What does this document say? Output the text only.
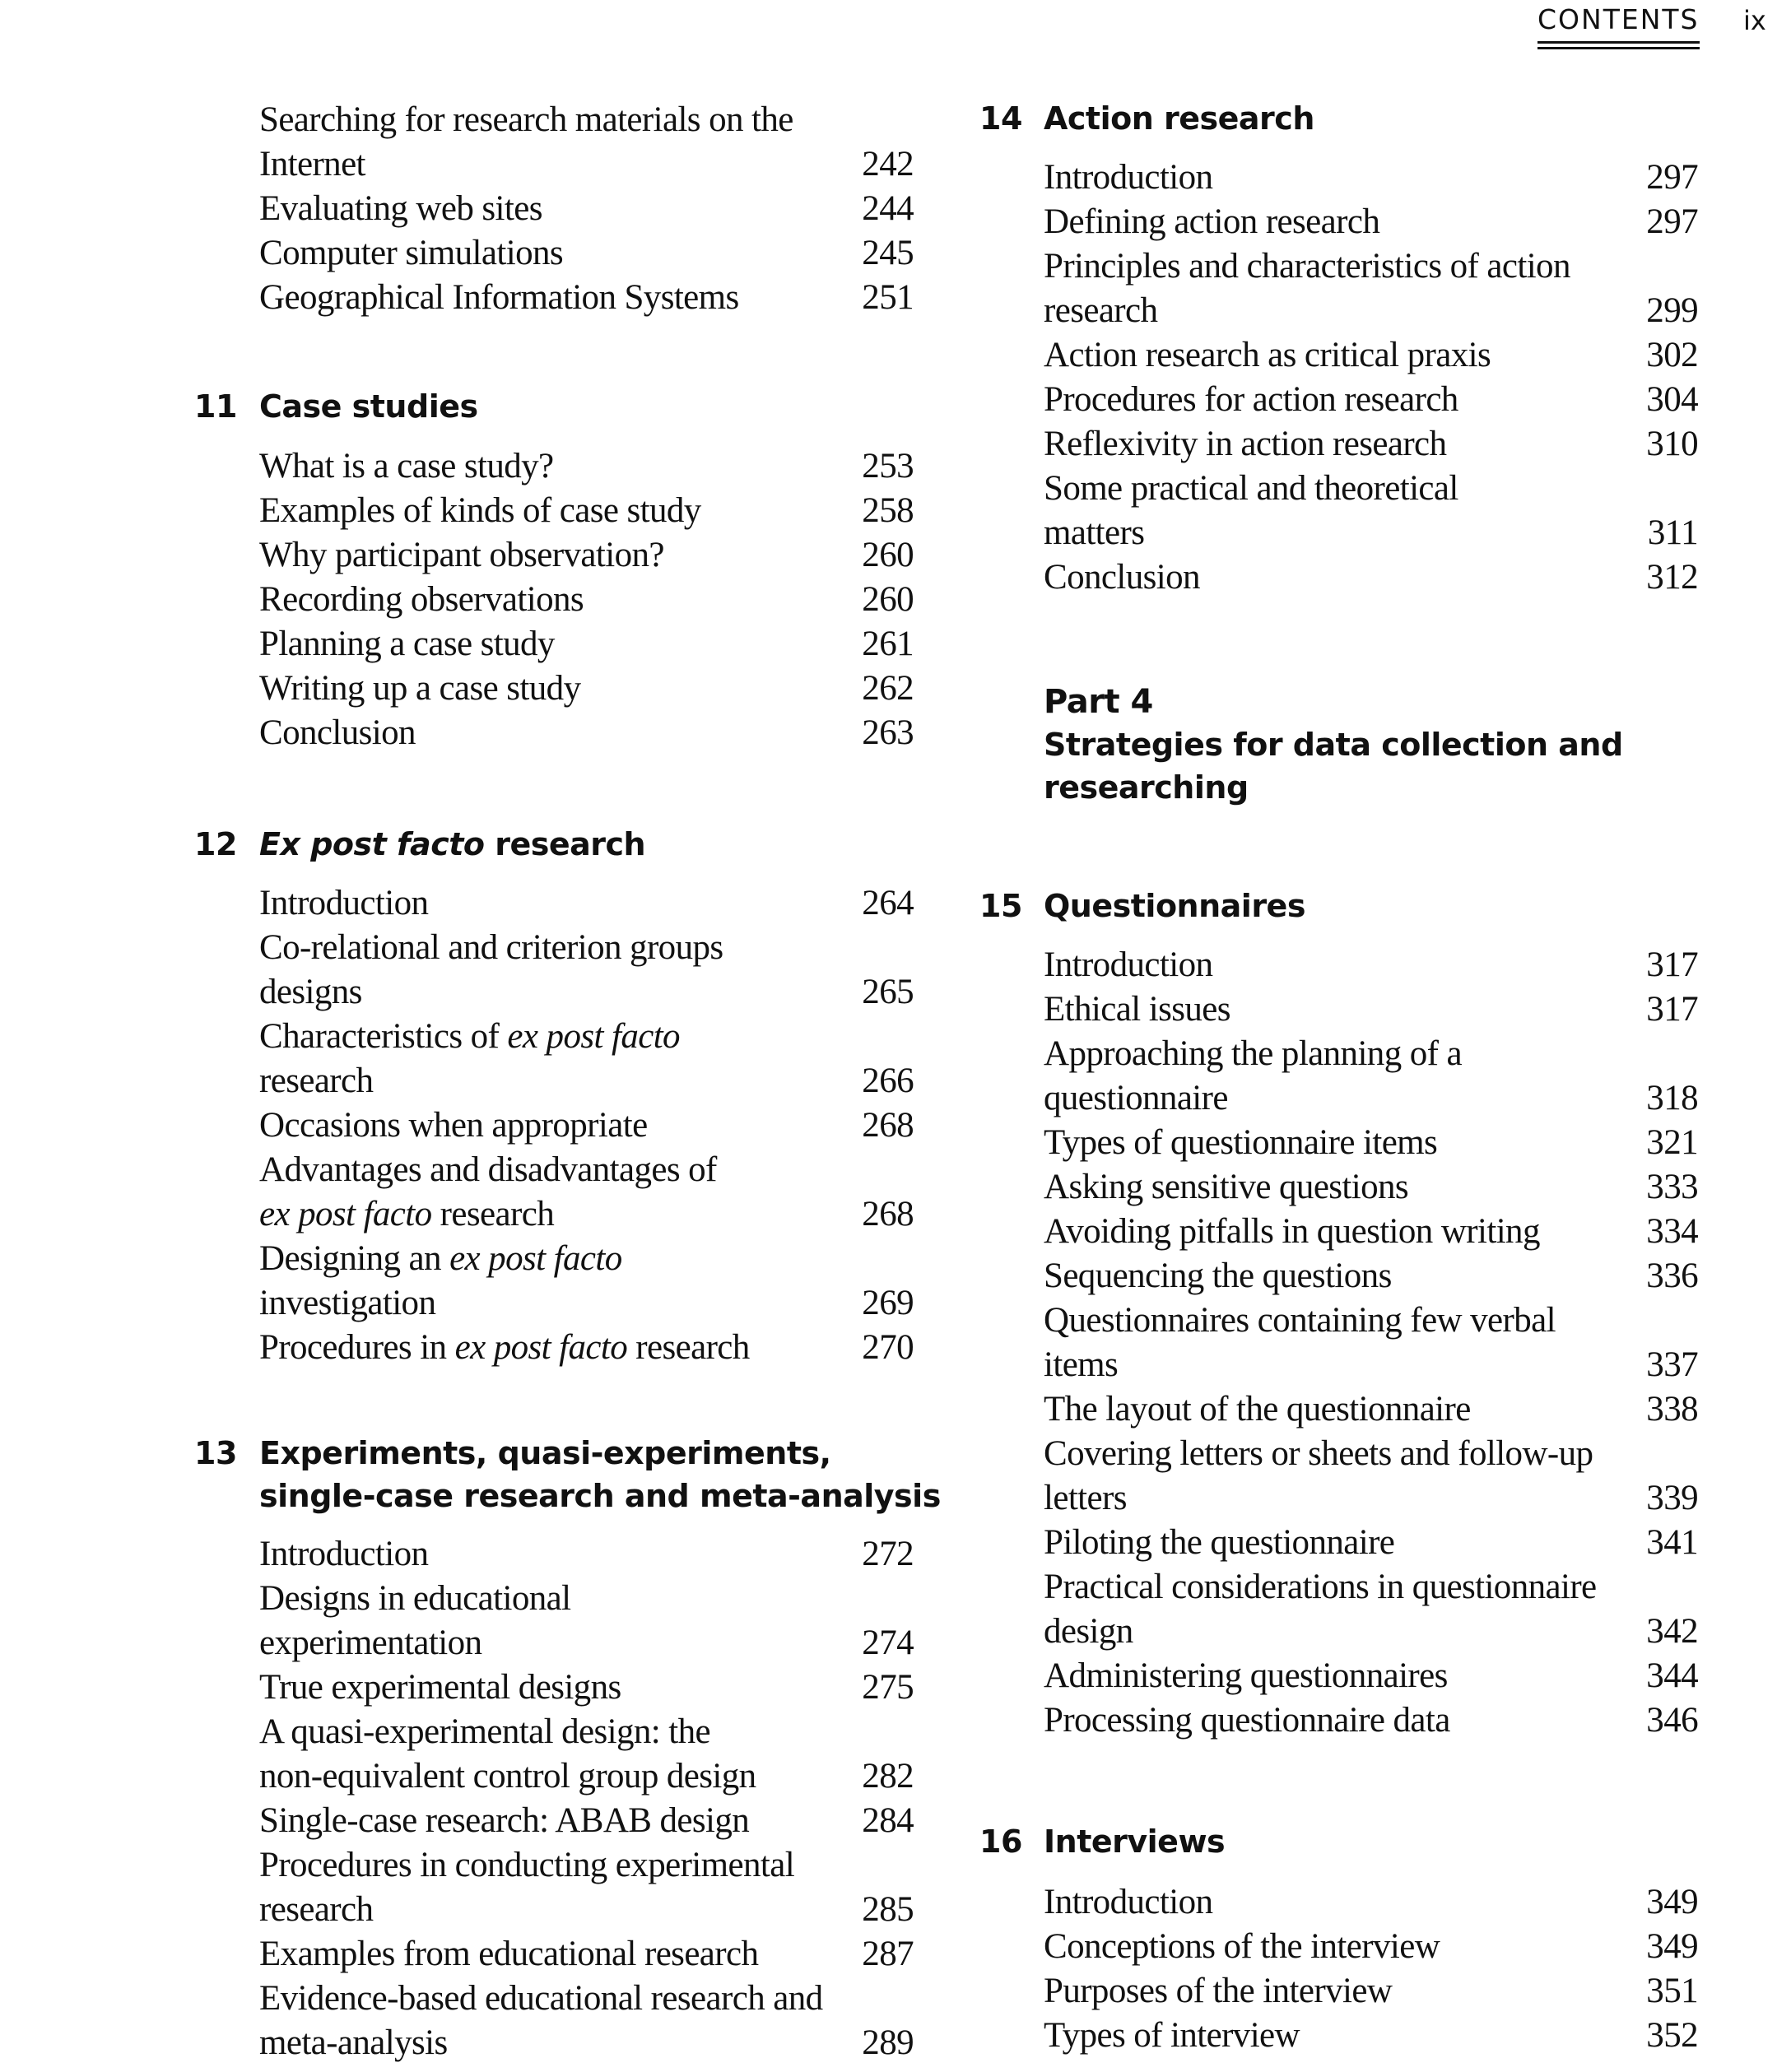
CONTENTS ix
Searching for research materials on the
Internet	242
Evaluating web sites	244
Computer simulations	245
Geographical Information Systems	251
11 Case studies
What is a case study?	253
Examples of kinds of case study	258
Why participant observation?	260
Recording observations	260
Planning a case study	261
Writing up a case study	262
Conclusion	263
12 Ex post facto research
Introduction	264
Co-relational and criterion groups
designs	265
Characteristics of ex post facto
research	266
Occasions when appropriate	268
Advantages and disadvantages of
ex post facto research	268
Designing an ex post facto
investigation	269
Procedures in ex post facto research	270
13 Experiments, quasi-experiments,
single-case research and meta-analysis
Introduction	272
Designs in educational
experimentation	274
True experimental designs	275
A quasi-experimental design: the
non-equivalent control group design	282
Single-case research: ABAB design	284
Procedures in conducting experimental
research	285
Examples from educational research	287
Evidence-based educational research and
meta-analysis	289
14 Action research
Introduction	297
Defining action research	297
Principles and characteristics of action
research	299
Action research as critical praxis	302
Procedures for action research	304
Reflexivity in action research	310
Some practical and theoretical
matters	311
Conclusion	312
Part 4
Strategies for data collection and
researching
15 Questionnaires
Introduction	317
Ethical issues	317
Approaching the planning of a
questionnaire	318
Types of questionnaire items	321
Asking sensitive questions	333
Avoiding pitfalls in question writing	334
Sequencing the questions	336
Questionnaires containing few verbal
items	337
The layout of the questionnaire	338
Covering letters or sheets and follow-up
letters	339
Piloting the questionnaire	341
Practical considerations in questionnaire
design	342
Administering questionnaires	344
Processing questionnaire data	346
16 Interviews
Introduction	349
Conceptions of the interview	349
Purposes of the interview	351
Types of interview	352
